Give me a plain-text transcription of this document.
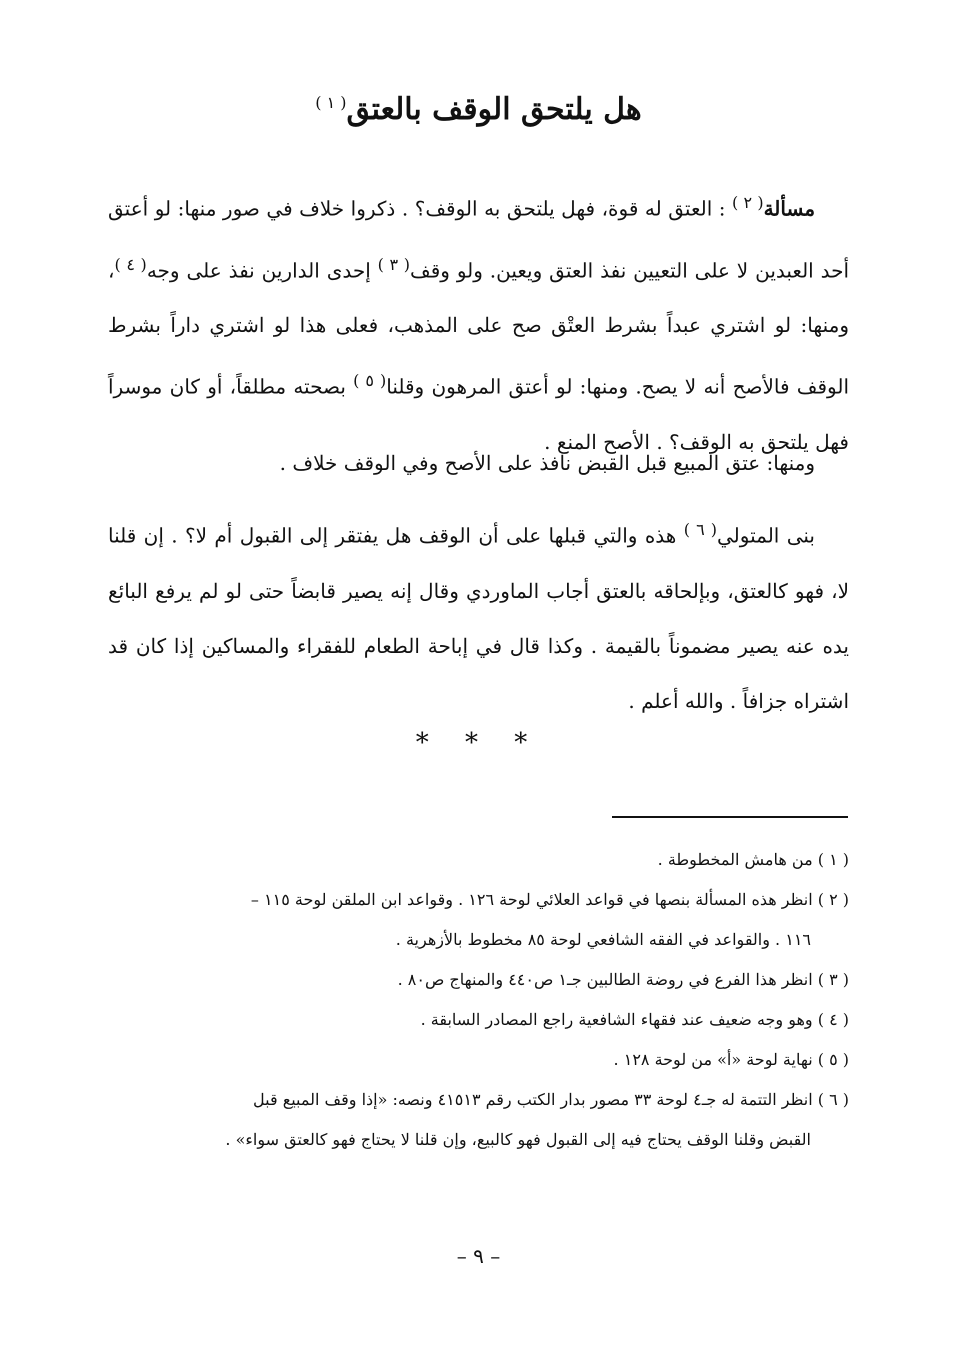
هل يلتحق الوقف بالعتق$^{( ١ )}$
مسألة$^{( ٢ )}$ : العتق له قوة، فهل يلتحق به الوقف؟ . ذكروا خلاف في صور منها: لو أعتق أحد العبدين لا على التعيين نفذ العتق ويعين. ولو وقف$^{( ٣ )}$ إحدى الدارين نفذ على وجه$^{( ٤ )}$، ومنها: لو اشتري عبداً بشرط العتْق صح على المذهب، فعلى هذا لو اشتري داراً بشرط الوقف فالأصح أنه لا يصح. ومنها: لو أعتق المرهون وقلنا$^{( ٥ )}$ بصحته مطلقاً، أو كان موسراً فهل يلتحق به الوقف؟ . الأصح المنع .
ومنها: عتق المبيع قبل القبض نافذ على الأصح وفي الوقف خلاف .
بنى المتولي$^{( ٦ )}$ هذه والتي قبلها على أن الوقف هل يفتقر إلى القبول أم لا؟ . إن قلنا لا، فهو كالعتق، وبإلحاقه بالعتق أجاب الماوردي وقال إنه يصير قابضاً حتى لو لم يرفع البائع يده عنه يصير مضموناً بالقيمة . وكذا قال في إباحة الطعام للفقراء والمساكين إذا كان قد اشتراه جزافاً . والله أعلم .
* * *
( ١ ) من هامش المخطوطة .
( ٢ ) انظر هذه المسألة بنصها في قواعد العلائي لوحة ١٢٦ . وقواعد ابن الملقن لوحة ١١٥ –
١١٦ . والقواعد في الفقه الشافعي لوحة ٨٥ مخطوط بالأزهرية .
( ٣ ) انظر هذا الفرع في روضة الطالبين جـ١ ص٤٤٠ والمنهاج ص٨٠ .
( ٤ ) وهو وجه ضعيف عند فقهاء الشافعية راجع المصادر السابقة .
( ٥ ) نهاية لوحة «أ» من لوحة ١٢٨ .
( ٦ ) انظر التتمة له جـ٤ لوحة ٣٣ مصور بدار الكتب رقم ٤١٥١٣ ونصه: «إذا وقف المبيع قبل
القبض وقلنا الوقف يحتاج فيه إلى القبول فهو كالبيع، وإن قلنا لا يحتاج فهو كالعتق سواء» .
– ٩ –
